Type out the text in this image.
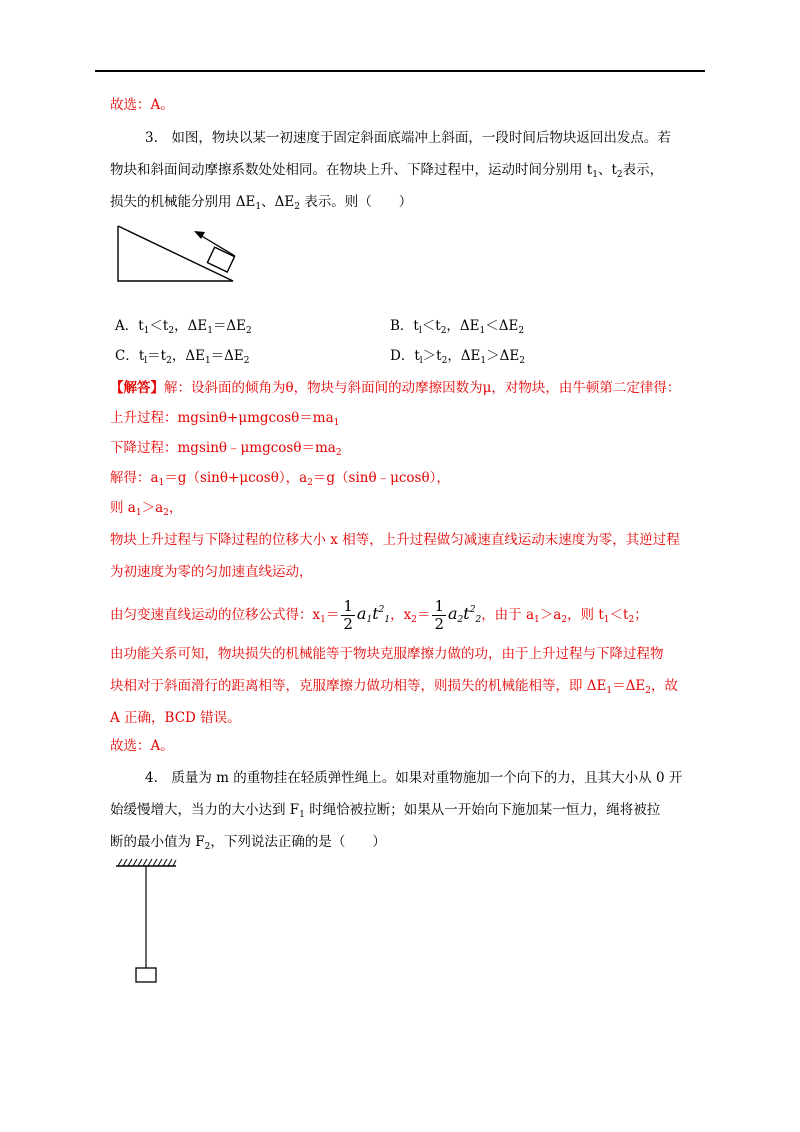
故选：A。
3.　如图，物块以某一初速度于固定斜面底端冲上斜面，一段时间后物块返回出发点。若
物块和斜面间动摩擦系数处处相同。在物块上升、下降过程中，运动时间分别用 $t_1$、$t_2$表示，
损失的机械能分别用 $\Delta E_1$、$\Delta E_2$ 表示。则（　　）
A．$t_1<t_2$，$\Delta E_1=\Delta E_2$	B．$t_l<t_2$，$\Delta E_1<\Delta E_2$
C．$t_l=t_2$，$\Delta E_1=\Delta E_2$	D．$t_l>t_2$，$\Delta E_1>\Delta E_2$
【解答】解：设斜面的倾角为θ，物块与斜面间的动摩擦因数为μ，对物块，由牛顿第二定律得：
上升过程：$mgsin\theta+\mu mgcos\theta=ma_1$
下降过程：$mgsin\theta﹣\mu mgcos\theta=ma_2$
解得：$a_1=g(\sin\theta+\mu\cos\theta)$，$a_2=g(\sin\theta﹣\mu\cos\theta)$，
则 $a_1>a_2$，
物块上升过程与下降过程的位移大小 x 相等，上升过程做匀减速直线运动末速度为零，其逆过程
为初速度为零的匀加速直线运动，
由匀变速直线运动的位移公式得：$x_1= \frac{1}{2} a_1t^2_1$，$x_2= \frac{1}{2} a_2t^2_2$，由于 $a_1>a_2$，则 $t_1<t_2$；
由功能关系可知，物块损失的机械能等于物块克服摩擦力做的功，由于上升过程与下降过程物
块相对于斜面滑行的距离相等，克服摩擦力做功相等，则损失的机械能相等，即 $\Delta E_1=\Delta E_2$，故
A 正确，BCD 错误。
故选：A。
4.　质量为 m 的重物挂在轻质弹性绳上。如果对重物施加一个向下的力，且其大小从 0 开
始缓慢增大，当力的大小达到 $F_1$ 时绳恰被拉断；如果从一开始向下施加某一恒力，绳将被拉
断的最小值为 $F_2$，下列说法正确的是（　　）
